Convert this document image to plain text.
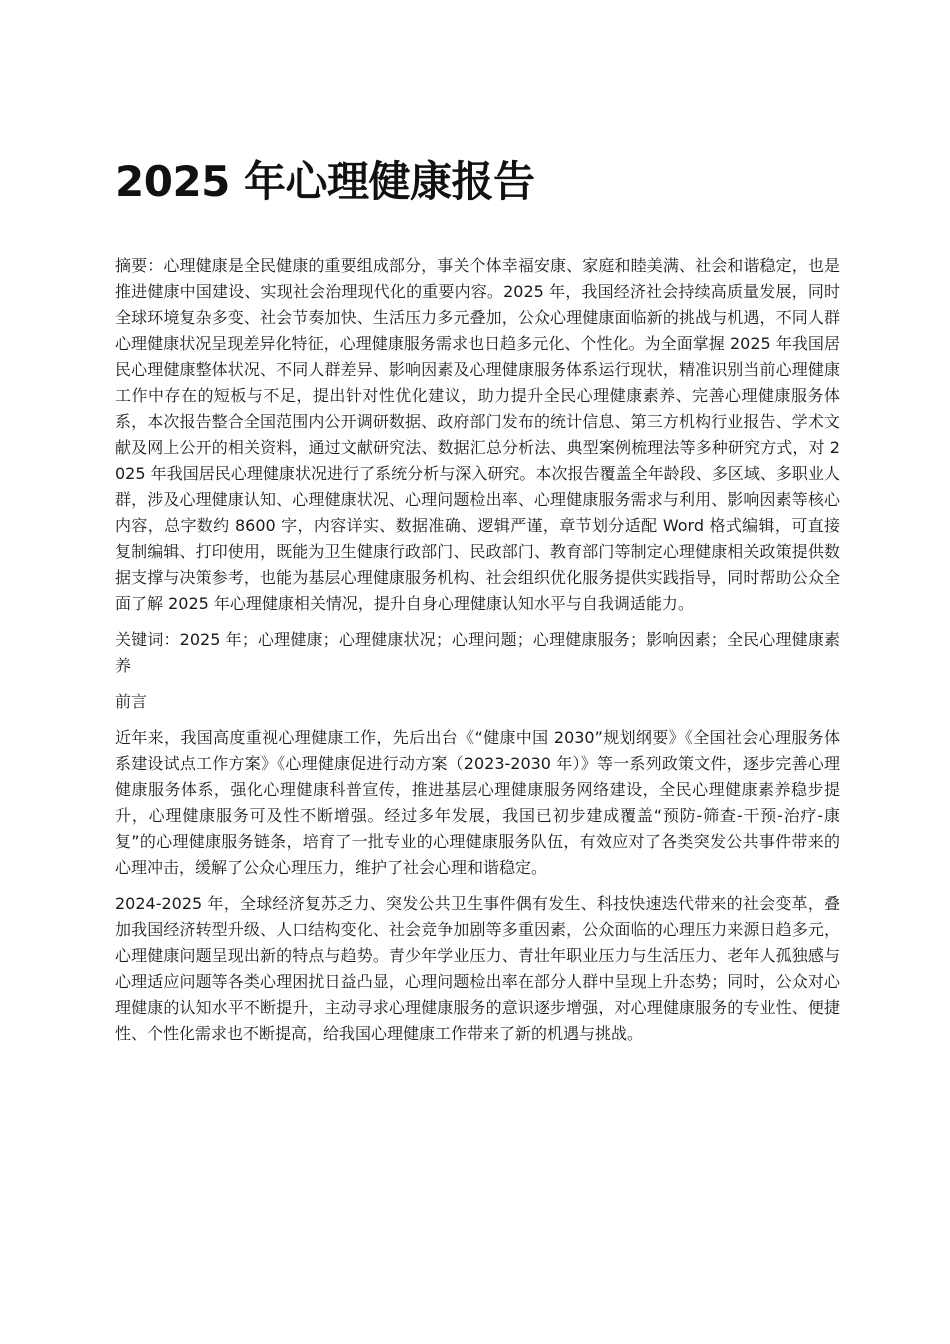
2025 年心理健康报告

摘要：心理健康是全民健康的重要组成部分，事关个体幸福安康、家庭和睦美满、社会和谐稳定，也是推进健康中国建设、实现社会治理现代化的重要内容。2025 年，我国经济社会持续高质量发展，同时全球环境复杂多变、社会节奏加快、生活压力多元叠加，公众心理健康面临新的挑战与机遇，不同人群心理健康状况呈现差异化特征，心理健康服务需求也日趋多元化、个性化。为全面掌握 2025 年我国居民心理健康整体状况、不同人群差异、影响因素及心理健康服务体系运行现状，精准识别当前心理健康工作中存在的短板与不足，提出针对性优化建议，助力提升全民心理健康素养、完善心理健康服务体系，本次报告整合全国范围内公开调研数据、政府部门发布的统计信息、第三方机构行业报告、学术文献及网上公开的相关资料，通过文献研究法、数据汇总分析法、典型案例梳理法等多种研究方式，对 2025 年我国居民心理健康状况进行了系统分析与深入研究。本次报告覆盖全年龄段、多区域、多职业人群，涉及心理健康认知、心理健康状况、心理问题检出率、心理健康服务需求与利用、影响因素等核心内容，总字数约 8600 字，内容详实、数据准确、逻辑严谨，章节划分适配 Word 格式编辑，可直接复制编辑、打印使用，既能为卫生健康行政部门、民政部门、教育部门等制定心理健康相关政策提供数据支撑与决策参考，也能为基层心理健康服务机构、社会组织优化服务提供实践指导，同时帮助公众全面了解 2025 年心理健康相关情况，提升自身心理健康认知水平与自我调适能力。

关键词：2025 年；心理健康；心理健康状况；心理问题；心理健康服务；影响因素；全民心理健康素养

前言

近年来，我国高度重视心理健康工作，先后出台《“健康中国 2030”规划纲要》《全国社会心理服务体系建设试点工作方案》《心理健康促进行动方案（2023-2030 年）》等一系列政策文件，逐步完善心理健康服务体系，强化心理健康科普宣传，推进基层心理健康服务网络建设，全民心理健康素养稳步提升，心理健康服务可及性不断增强。经过多年发展，我国已初步建成覆盖“预防-筛查-干预-治疗-康复”的心理健康服务链条，培育了一批专业的心理健康服务队伍，有效应对了各类突发公共事件带来的心理冲击，缓解了公众心理压力，维护了社会心理和谐稳定。

2024-2025 年，全球经济复苏乏力、突发公共卫生事件偶有发生、科技快速迭代带来的社会变革，叠加我国经济转型升级、人口结构变化、社会竞争加剧等多重因素，公众面临的心理压力来源日趋多元，心理健康问题呈现出新的特点与趋势。青少年学业压力、青壮年职业压力与生活压力、老年人孤独感与心理适应问题等各类心理困扰日益凸显，心理问题检出率在部分人群中呈现上升态势；同时，公众对心理健康的认知水平不断提升，主动寻求心理健康服务的意识逐步增强，对心理健康服务的专业性、便捷性、个性化需求也不断提高，给我国心理健康工作带来了新的机遇与挑战。
